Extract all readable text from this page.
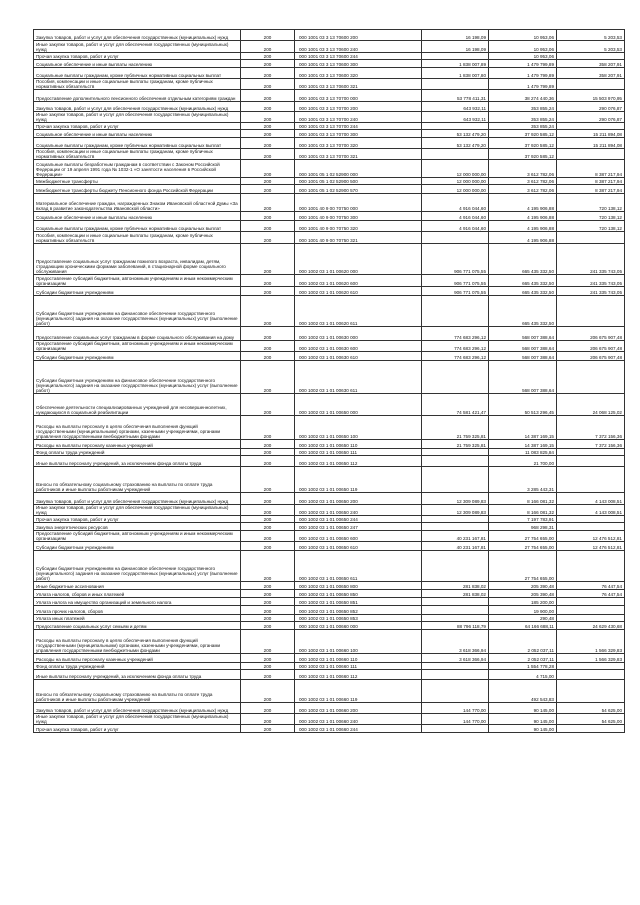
Закупка товаров, работ и услуг для обеспечения государственных (муниципальных) нужд	200	000 1001 03 3 13 70600 200	16 198,09	10 953,06	5 203,53
Иные закупки товаров, работ и услуг для обеспечения государственных (муниципальных) нужд	200	000 1001 03 3 13 70600 240	16 198,09	10 953,06	5 203,53
Прочая закупка товаров, работ и услуг	200	000 1001 03 3 13 70600 244		10 953,06	
Социальное обеспечение и иные выплаты населению	200	000 1001 03 3 13 70600 300	1 838 007,89	1 479 799,89	358 207,91
Социальные выплаты гражданам, кроме публичных нормативных социальных выплат	200	000 1001 03 3 13 70600 320	1 838 007,80	1 479 799,89	358 207,91
Пособия, компенсации и иные социальные выплаты гражданам, кроме публичных нормативных обязательств	200	000 1001 03 3 13 70600 321		1 479 799,89	
Предоставление дополнительного пенсионного обеспечения отдельным категориям граждан	200	000 1001 03 3 13 70700 000	53 778 411,31	38 274 440,36	15 503 970,95
Закупка товаров, работ и услуг для обеспечения государственных (муниципальных) нужд	200	000 1001 03 3 13 70700 200	643 932,11	353 855,24	290 076,87
Иные закупки товаров, работ и услуг для обеспечения государственных (муниципальных) нужд	200	000 1001 03 3 13 70700 240	643 932,11	353 855,24	290 076,87
Прочая закупка товаров, работ и услуг	200	000 1001 03 3 13 70700 244		353 855,24	
Социальное обеспечение и иные выплаты населению	200	000 1001 03 3 13 70700 300	53 132 479,20	37 920 585,12	15 211 894,08
Социальные выплаты гражданам, кроме публичных нормативных социальных выплат	200	000 1001 03 3 13 70700 320	53 132 479,20	37 920 585,12	15 211 894,08
Пособия, компенсации и иные социальные выплаты гражданам, кроме публичных нормативных обязательств	200	000 1001 03 3 13 70700 321		37 920 585,12	
Социальные выплаты безработным гражданам в соответствии с Законом Российской Федерации от 19 апреля 1991 года № 1032-1 «О занятости населения в Российской Федерации»	200	000 1001 05 1 02 52900 000	12 000 000,00	3 612 782,06	8 387 217,94
Межбюджетные трансферты	200	000 1001 05 1 02 52900 500	12 000 000,00	3 612 782,06	8 387 217,94
Межбюджетные трансферты бюджету Пенсионного фонда Российской Федерации	200	000 1001 05 1 02 52900 570	12 000 000,00	3 612 782,06	8 387 217,94
Материальное обеспечение граждан, награжденных Знаком Ивановской областной Думы «За вклад в развитие законодательства Ивановской области»	200	000 1001 40 9 00 70750 000	4 916 044,60	4 195 906,88	720 138,12
Социальное обеспечение и иные выплаты населению	200	000 1001 40 9 00 70750 300	4 916 044,60	4 195 906,88	720 138,12
Социальные выплаты гражданам, кроме публичных нормативных социальных выплат	200	000 1001 40 9 00 70750 320	4 916 044,60	4 195 906,88	720 138,12
Пособия, компенсации и иные социальные выплаты гражданам, кроме публичных нормативных обязательств	200	000 1001 40 9 00 70750 321		4 195 906,88	
Предоставление социальных услуг гражданам пожилого возраста, инвалидам, детям, страдающим хроническими формами заболеваний, в стационарной форме социального обслуживания	200	000 1002 03 1 01 00620 000	906 771 075,55	665 435 332,50	241 335 743,05
Предоставление субсидий бюджетным, автономным учреждениям и иным некоммерческим организациям	200	000 1002 03 1 01 00620 600	906 771 075,55	665 435 332,50	241 335 743,05
Субсидии бюджетным учреждениям	200	000 1002 03 1 01 00620 610	906 771 075,55	665 435 332,50	241 335 743,05
Субсидии бюджетным учреждениям на финансовое обеспечение государственного (муниципального) задания на оказание государственных (муниципальных) услуг (выполнение работ)	200	000 1002 03 1 01 00620 611		665 435 332,50	
Предоставление социальных услуг гражданам в форме социального обслуживания на дому	200	000 1002 03 1 01 00630 000	774 683 296,12	568 007 388,64	206 675 907,48
Предоставление субсидий бюджетным, автономным учреждениям и иным некоммерческим организациям	200	000 1002 03 1 01 00630 600	774 683 296,12	568 007 388,64	206 675 907,48
Субсидии бюджетным учреждениям	200	000 1002 03 1 01 00630 610	774 683 296,12	568 007 388,64	206 675 907,48
Субсидии бюджетным учреждениям на финансовое обеспечение государственного (муниципального) задания на оказание государственных (муниципальных) услуг (выполнение работ)	200	000 1002 03 1 01 00630 611		568 007 388,64	
Обеспечение деятельности специализированных учреждений для несовершеннолетних, нуждающихся в социальной реабилитации	200	000 1002 03 1 01 00650 000	74 581 421,47	50 513 296,45	24 068 125,02
Расходы на выплаты персоналу в целях обеспечения выполнения функций государственными (муниципальными) органами, казенными учреждениями, органами управления государственными внебюджетными фондами	200	000 1002 03 1 01 00650 100	21 759 325,81	14 387 169,15	7 372 156,36
Расходы на выплаты персоналу казенных учреждений	200	000 1002 03 1 01 00650 110	21 759 325,81	14 387 169,15	7 372 156,36
Фонд оплаты труда учреждений	200	000 1002 03 1 01 00650 111		11 083 825,84	
Иные выплаты персоналу учреждений, за исключением фонда оплаты труда	200	000 1002 03 1 01 00650 112		21 700,00	
Взносы по обязательному социальному страхованию на выплаты по оплате труда работников и иные выплаты работникам учреждений	200	000 1002 03 1 01 00650 119		3 285 443,31	
Закупка товаров, работ и услуг для обеспечения государственных (муниципальных) нужд	200	000 1002 03 1 01 00650 200	12 309 089,83	8 166 081,32	4 143 008,51
Иные закупки товаров, работ и услуг для обеспечения государственных (муниципальных) нужд	200	000 1002 03 1 01 00650 240	12 309 089,83	8 166 081,32	4 143 008,51
Прочая закупка товаров, работ и услуг	200	000 1002 03 1 01 00650 244		7 197 783,91	
Закупка энергетических ресурсов	200	000 1002 03 1 01 00650 247		968 298,31	
Предоставление субсидий бюджетным, автономным учреждениям и иным некоммерческим организациям	200	000 1002 03 1 01 00650 600	40 231 167,81	27 754 655,00	12 476 512,81
Субсидии бюджетным учреждениям	200	000 1002 03 1 01 00650 610	40 231 167,81	27 754 655,00	12 476 512,81
Субсидии бюджетным учреждениям на финансовое обеспечение государственного (муниципального) задания на оказание государственных (муниципальных) услуг (выполнение работ)	200	000 1002 03 1 01 00650 611		27 754 655,00	
Иные бюджетные ассигнования	200	000 1002 03 1 01 00650 800	281 838,02	205 390,48	76 447,54
Уплата налогов, сборов и иных платежей	200	000 1002 03 1 01 00650 850	281 838,02	205 390,48	76 447,54
Уплата налога на имущество организаций и земельного налога	200	000 1002 03 1 01 00650 851		185 200,00	
Уплата прочих налогов, сборов	200	000 1002 03 1 01 00650 852		19 900,00	
Уплата иных платежей	200	000 1002 03 1 01 00650 853		290,48	
Предоставление социальных услуг семьям и детям	200	000 1002 03 1 01 00660 000	88 796 118,79	64 166 688,11	24 629 430,68
Расходы на выплаты персоналу в целях обеспечения выполнения функций государственными (муниципальными) органами, казенными учреждениями, органами управления государственными внебюджетными фондами	200	000 1002 03 1 01 00660 100	3 618 366,94	2 052 037,11	1 566 329,83
Расходы на выплаты персоналу казенных учреждений	200	000 1002 03 1 01 00660 110	3 618 366,94	2 052 037,11	1 566 329,83
Фонд оплаты труда учреждений	200	000 1002 03 1 01 00660 111		1 554 778,28	
Иные выплаты персоналу учреждений, за исключением фонда оплаты труда	200	000 1002 03 1 01 00660 112		4 715,00	
Взносы по обязательному социальному страхованию на выплаты по оплате труда работников и иные выплаты работникам учреждений	200	000 1002 03 1 01 00660 119		492 543,83	
Закупка товаров, работ и услуг для обеспечения государственных (муниципальных) нужд	200	000 1002 03 1 01 00660 200	144 770,00	90 145,00	54 625,00
Иные закупки товаров, работ и услуг для обеспечения государственных (муниципальных) нужд	200	000 1002 03 1 01 00660 240	144 770,00	90 145,00	54 625,00
Прочая закупка товаров, работ и услуг	200	000 1002 03 1 01 00660 244		90 145,00	
